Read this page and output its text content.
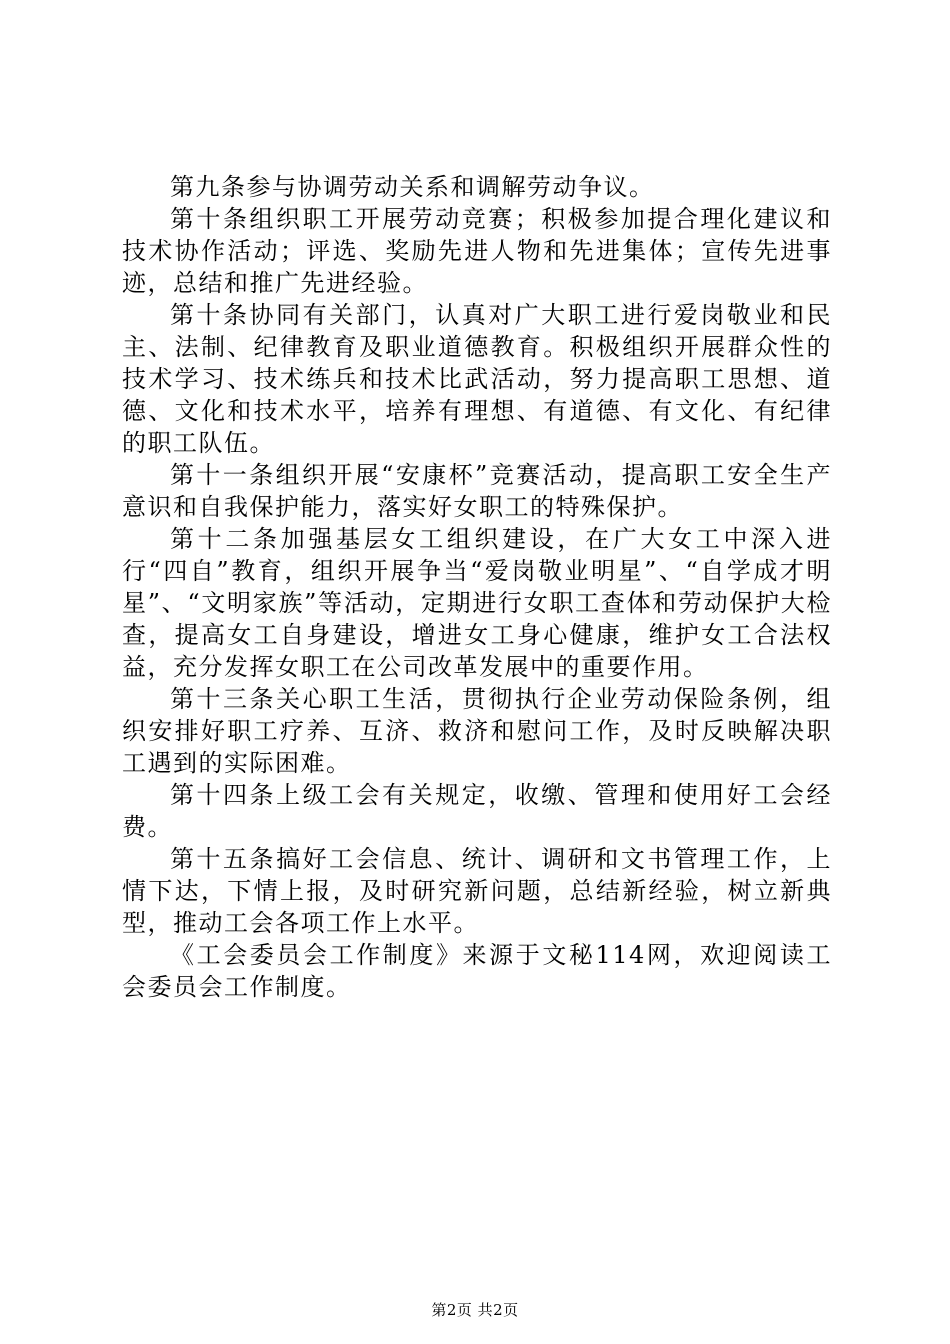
第九条参与协调劳动关系和调解劳动争议。

第十条组织职工开展劳动竞赛；积极参加提合理化建议和技术协作活动；评选、奖励先进人物和先进集体；宣传先进事迹，总结和推广先进经验。

第十条协同有关部门，认真对广大职工进行爱岗敬业和民主、法制、纪律教育及职业道德教育。积极组织开展群众性的技术学习、技术练兵和技术比武活动，努力提高职工思想、道德、文化和技术水平，培养有理想、有道德、有文化、有纪律的职工队伍。

第十一条组织开展“安康杯”竞赛活动，提高职工安全生产意识和自我保护能力，落实好女职工的特殊保护。

第十二条加强基层女工组织建设，在广大女工中深入进行“四自”教育，组织开展争当“爱岗敬业明星”、“自学成才明星”、“文明家族”等活动，定期进行女职工查体和劳动保护大检查，提高女工自身建设，增进女工身心健康，维护女工合法权益，充分发挥女职工在公司改革发展中的重要作用。

第十三条关心职工生活，贯彻执行企业劳动保险条例，组织安排好职工疗养、互济、救济和慰问工作，及时反映解决职工遇到的实际困难。

第十四条上级工会有关规定，收缴、管理和使用好工会经费。

第十五条搞好工会信息、统计、调研和文书管理工作，上情下达，下情上报，及时研究新问题，总结新经验，树立新典型，推动工会各项工作上水平。

《工会委员会工作制度》来源于文秘114网，欢迎阅读工会委员会工作制度。

第2页 共2页
